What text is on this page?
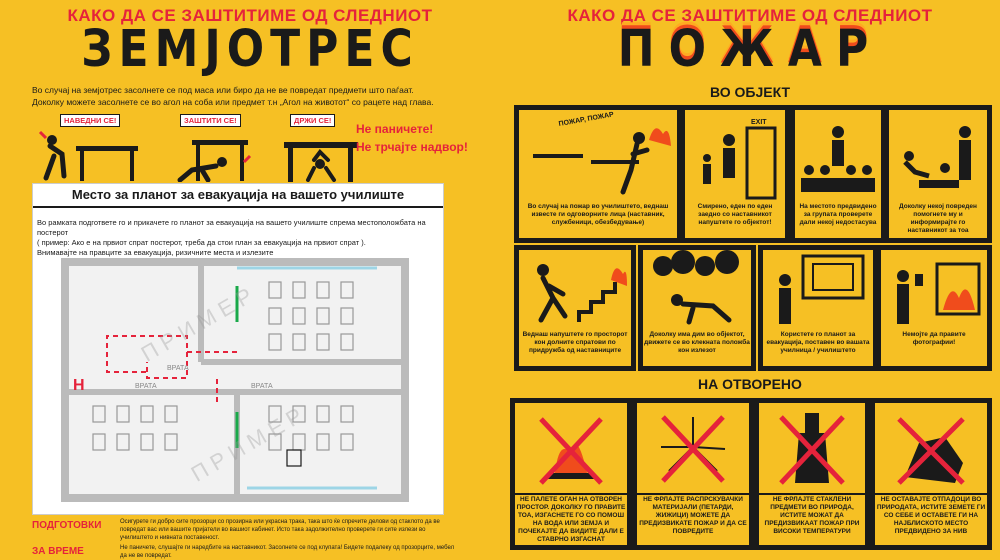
КАКО ДА СЕ ЗАШТИТИМЕ ОД СЛЕДНИОТ
ЗЕМЈОТРЕС
Во случај на земјотрес засолнете се под маса или биро да не ве повредат предмети што паѓаат.
Доколку можете засолнете се во агол на соба или предмет т.н „Агол на животот“ со рацете над глава.
НАВЕДНИ СЕ!	ЗАШТИТИ СЕ!	ДРЖИ СЕ!
Не паничете!
Не трчајте надвор!
Место за планот за евакуација на вашето училиште
Во рамката подгответе го и прикачете го планот за евакуација на вашето училиште спрема местоположбата на постерот
( пример: Ако е на првиот спрат постерот, треба да стои план за евакуација на првиот спрат ).
Внимавајте на правците за евакуација, ризичните места и излезите
ВРАТА
ВРАТА	ВРАТА
Н
ПРИМЕР
ПРИМЕР
ПОДГОТОВКИ	Осигурете ги добро сите прозорци со прозирна или украсна трака, така што ќе спречите делови од стаклото да ве повредат вас или вашите пријатели во вашиот кабинет. Исто така задолжително проверете ги сите излези во училиштето и нивната поставеност.
ЗА ВРЕМЕ	Не паничете, слушајте ги наредбите на наставникот. Засолнете се под клупата! Бидете подалеку од прозорците, мебел да не ве повредат.
КАКО ДА СЕ ЗАШТИТИМЕ ОД СЛЕДНИОТ
ПОЖАР
ВО ОБЈЕКТ
ПОЖАР, ПОЖАР
Во случај на пожар во училиштето, веднаш известе ги одговорните лица (наставник, службеници, обезбедување)
EXIT
Смирено, еден по еден заедно со наставникот напуштете го објектот!
На местото предвидено за групата проверете дали некој недостасува
Доколку некој повреден помогнете му и информирајте го наставникот за тоа
Веднаш напуштете го просторот кон долните спратови по придружба од наставниците
Доколку има дим во објектот, движете се во клекната положба кон излезот
Користете го планот за евакуација, поставен во вашата училница / училиштето
Немојте да правите фотографии!
НА ОТВОРЕНО
НЕ ПАЛЕТЕ ОГАН НА ОТВОРЕН ПРОСТОР. ДОКОЛКУ ГО ПРАВИТЕ ТОА, ИЗГАСНЕТЕ ГО СО ПОМОШ НА ВОДА ИЛИ ЗЕМЈА И ПОЧЕКАЈТЕ ДА ВИДИТЕ ДАЛИ Е СТАВРНО ИЗГАСНАТ
НЕ ФРЛАЈТЕ РАСПРСКУВАЧКИ МАТЕРИЈАЛИ (ПЕТАРДИ, ЖИЖИЦИ) МОЖЕТЕ ДА ПРЕДИЗВИКАТЕ ПОЖАР И ДА СЕ ПОВРЕДИТЕ
НЕ ФРЛАЈТЕ СТАКЛЕНИ ПРЕДМЕТИ ВО ПРИРОДА, ИСТИТЕ МОЖАТ ДА ПРЕДИЗВИКААТ ПОЖАР ПРИ ВИСОКИ ТЕМПЕРАТУРИ
НЕ ОСТАВАЈТЕ ОТПАДОЦИ ВО ПРИРОДАТА, ИСТИТЕ ЗЕМЕТЕ ГИ СО СЕБЕ И ОСТАВЕТЕ ГИ НА НАЈБЛИСКОТО МЕСТО ПРЕДВИДЕНО ЗА НИВ
